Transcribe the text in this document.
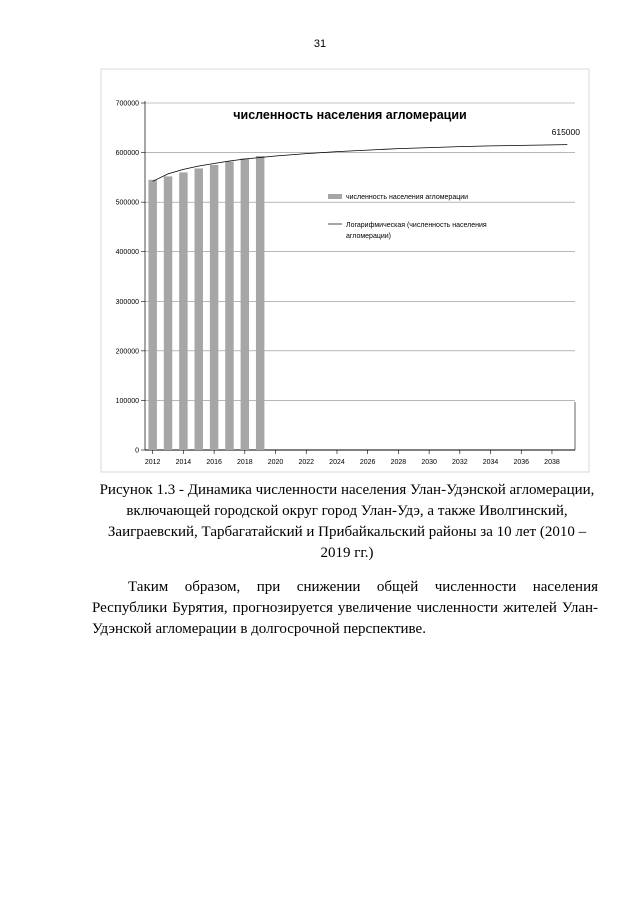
31
0
100000
200000
300000
400000
500000
600000
700000
2012 2014 2016 2018 2020 2022 2024 2026 2028 2030 2032 2034 2036 2038
численность населения агломерации
615000
численность населения агломерации
Логарифмическая (численность населения
агломерации)
Рисунок 1.3 - Динамика численности населения Улан-Удэнской агломерации,
включающей городской округ город Улан-Удэ, а также Иволгинский,
Заиграевский, Тарбагатайский и Прибайкальский районы за 10 лет (2010 –
2019 гг.)
Таким образом, при снижении общей численности населения
Республики Бурятия, прогнозируется увеличение численности жителей Улан-
Удэнской агломерации в долгосрочной перспективе.
